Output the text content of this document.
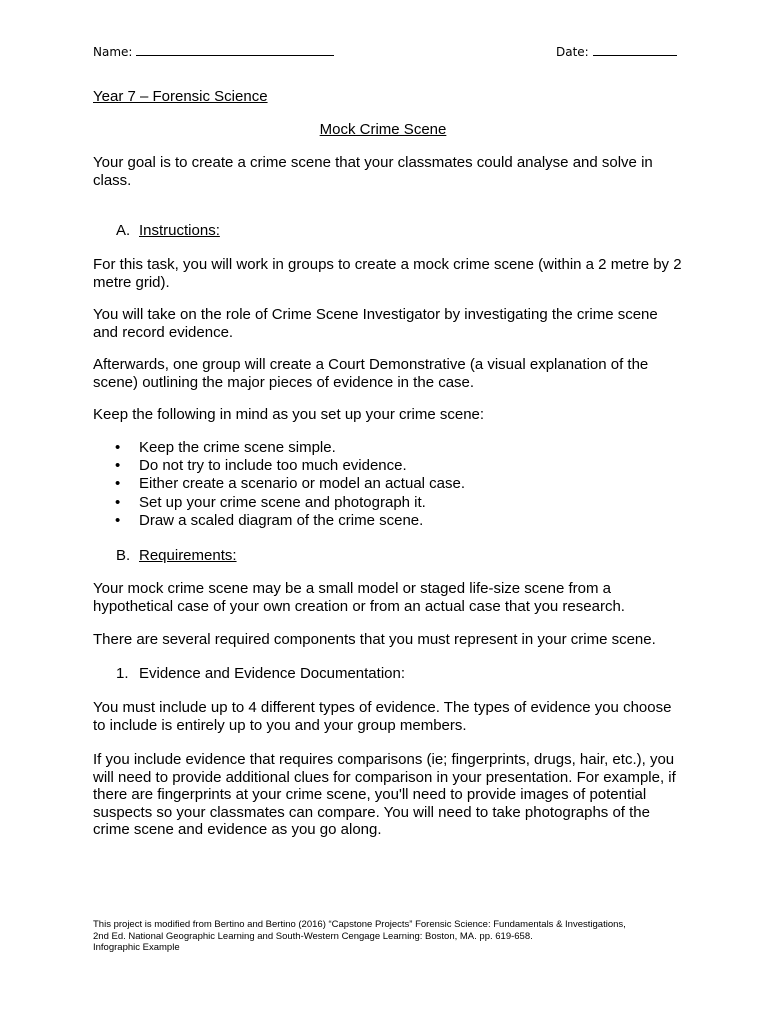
Name:	Date:
Year 7 – Forensic Science
Mock Crime Scene
Your goal is to create a crime scene that your classmates could analyse and solve in class.
A. Instructions:
For this task, you will work in groups to create a mock crime scene (within a 2 metre by 2 metre grid).
You will take on the role of Crime Scene Investigator by investigating the crime scene and record evidence.
Afterwards, one group will create a Court Demonstrative (a visual explanation of the scene) outlining the major pieces of evidence in the case.
Keep the following in mind as you set up your crime scene:
• Keep the crime scene simple.
• Do not try to include too much evidence.
• Either create a scenario or model an actual case.
• Set up your crime scene and photograph it.
• Draw a scaled diagram of the crime scene.
B. Requirements:
Your mock crime scene may be a small model or staged life-size scene from a hypothetical case of your own creation or from an actual case that you research.
There are several required components that you must represent in your crime scene.
1. Evidence and Evidence Documentation:
You must include up to 4 different types of evidence. The types of evidence you choose to include is entirely up to you and your group members.
If you include evidence that requires comparisons (ie; fingerprints, drugs, hair, etc.), you will need to provide additional clues for comparison in your presentation. For example, if there are fingerprints at your crime scene, you'll need to provide images of potential suspects so your classmates can compare. You will need to take photographs of the crime scene and evidence as you go along.
This project is modified from Bertino and Bertino (2016) “Capstone Projects” Forensic Science: Fundamentals & Investigations,
2nd Ed. National Geographic Learning and South-Western Cengage Learning: Boston, MA. pp. 619-658.
Infographic Example
